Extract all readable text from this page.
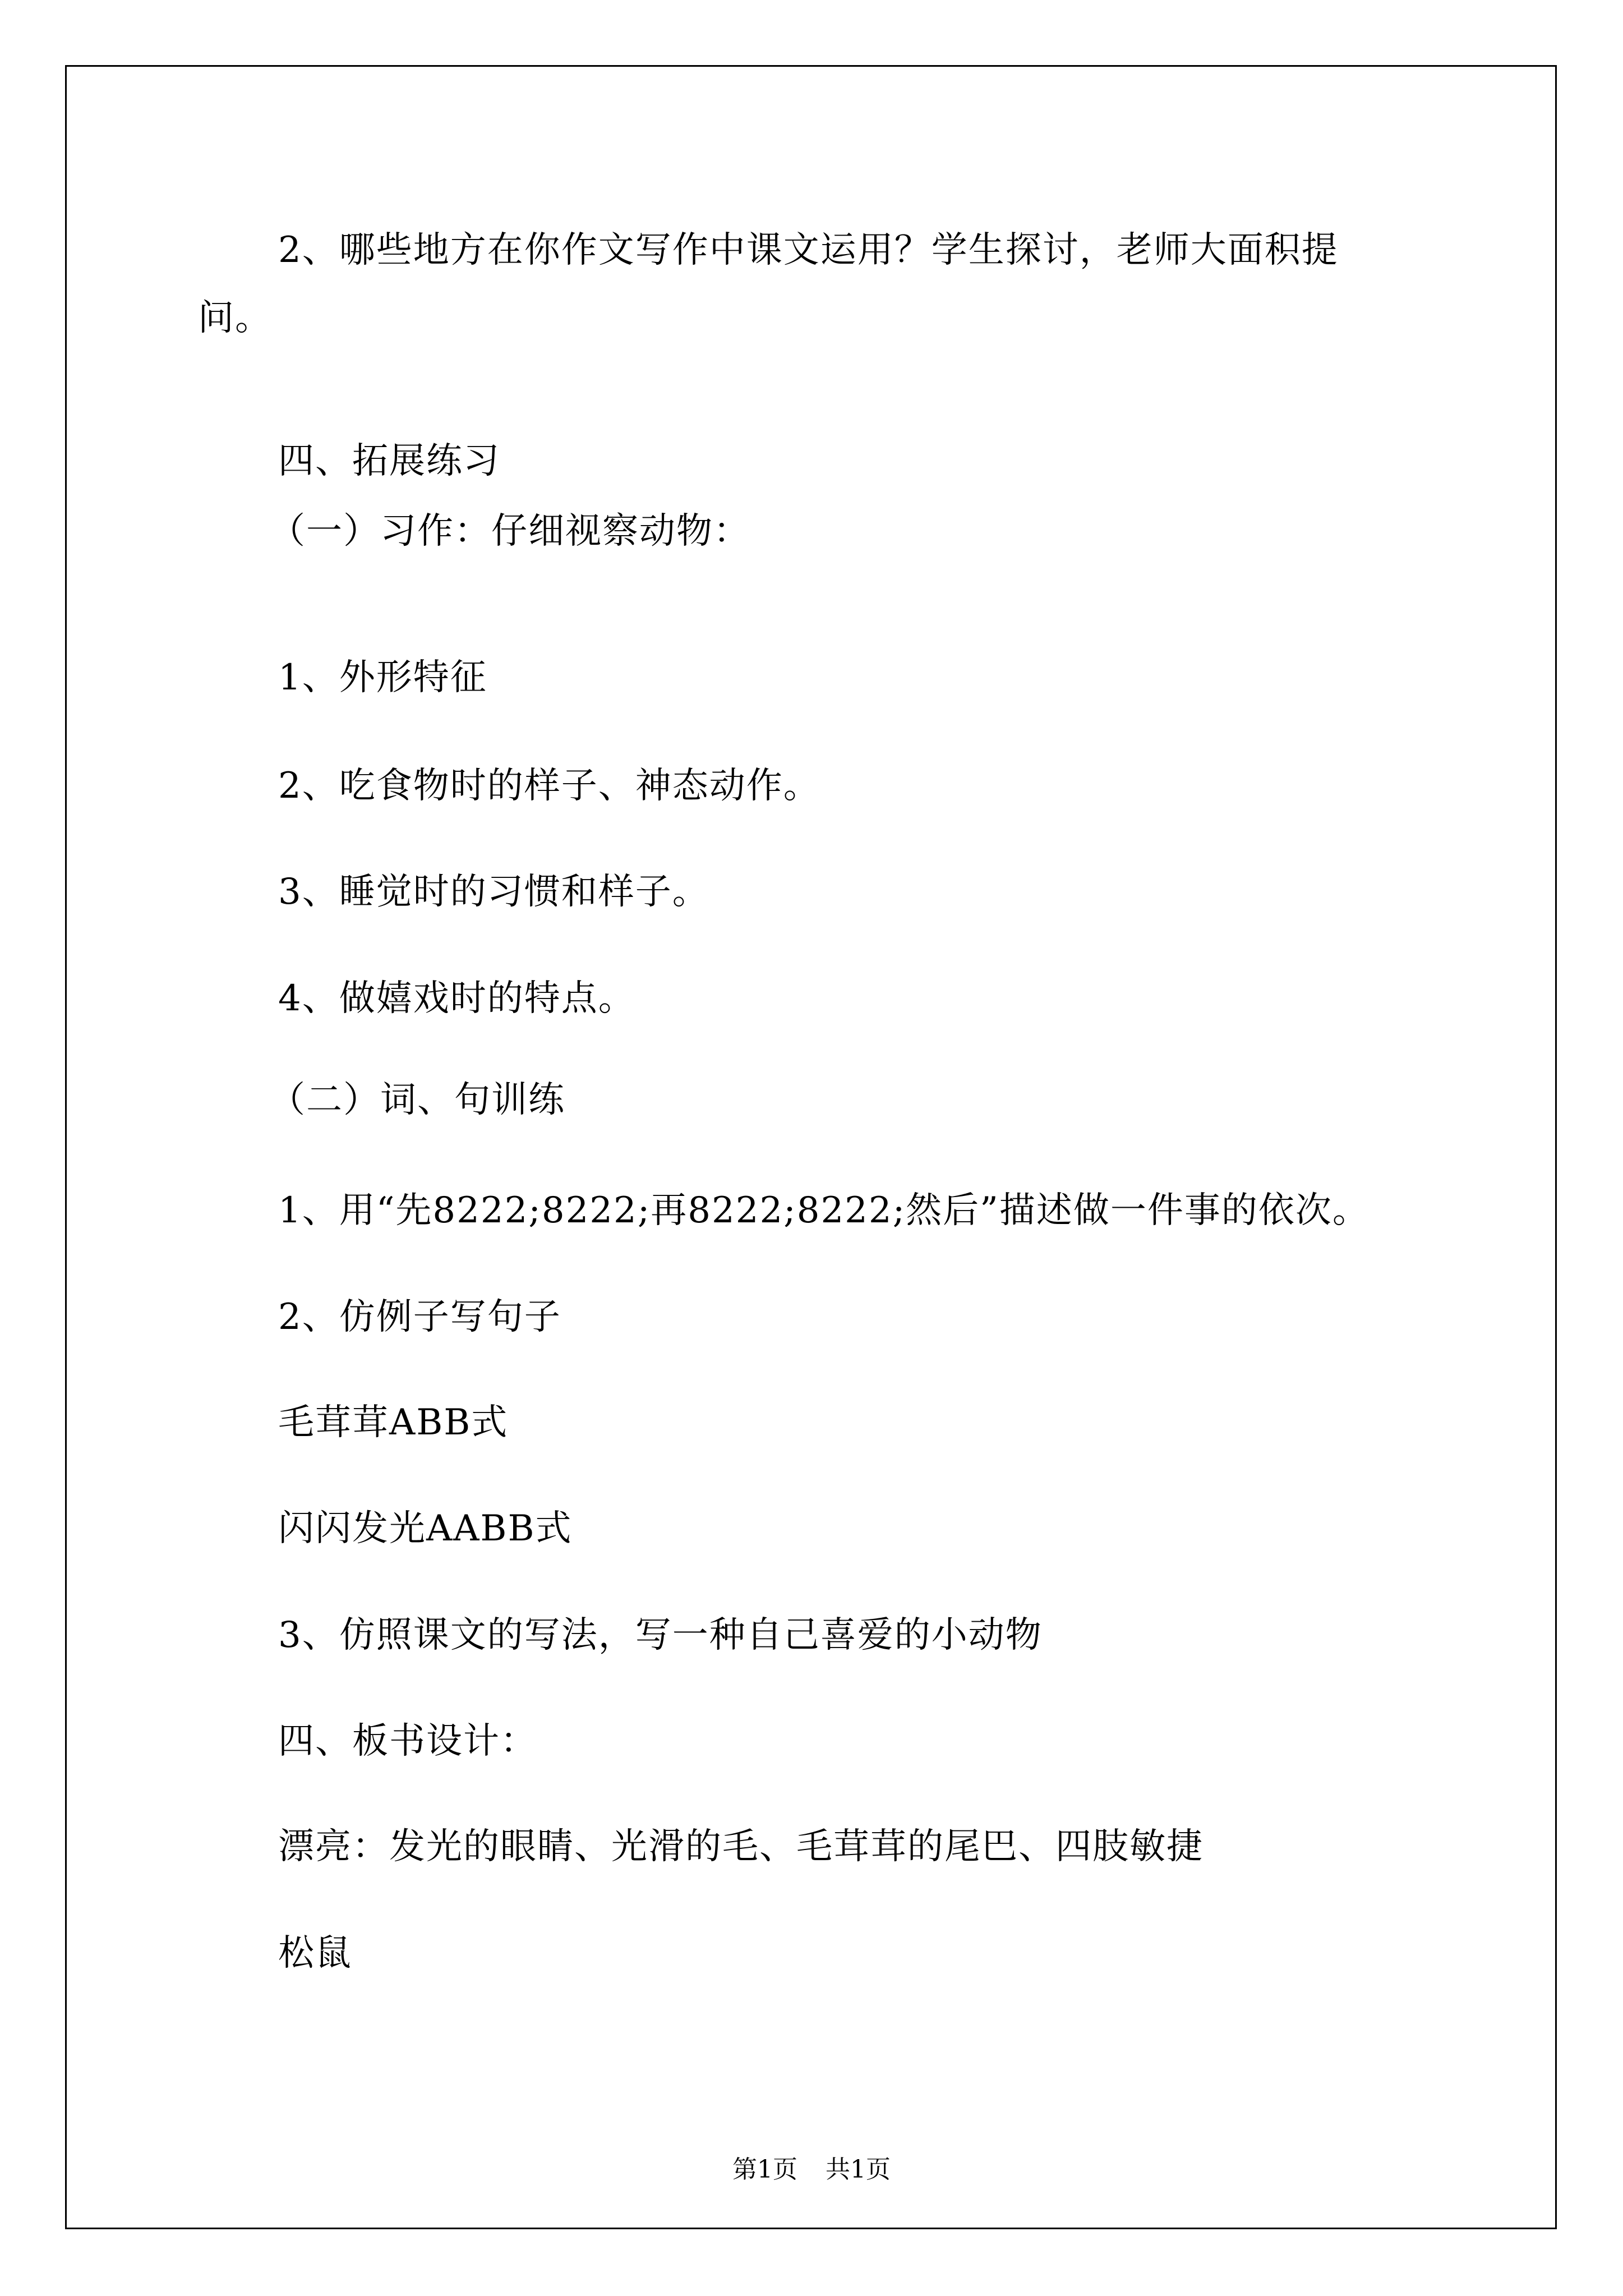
2、哪些地方在你作文写作中课文运用？学生探讨，老师大面积提
问。
四、拓展练习
（一）习作：仔细视察动物：
1、外形特征
2、吃食物时的样子、神态动作。
3、睡觉时的习惯和样子。
4、做嬉戏时的特点。
（二）词、句训练
1、用“先8222;8222;再8222;8222;然后”描述做一件事的依次。
2、仿例子写句子
毛茸茸ABB式
闪闪发光AABB式
3、仿照课文的写法，写一种自己喜爱的小动物
四、板书设计：
漂亮：发光的眼睛、光滑的毛、毛茸茸的尾巴、四肢敏捷
松鼠
第1页 共1页
